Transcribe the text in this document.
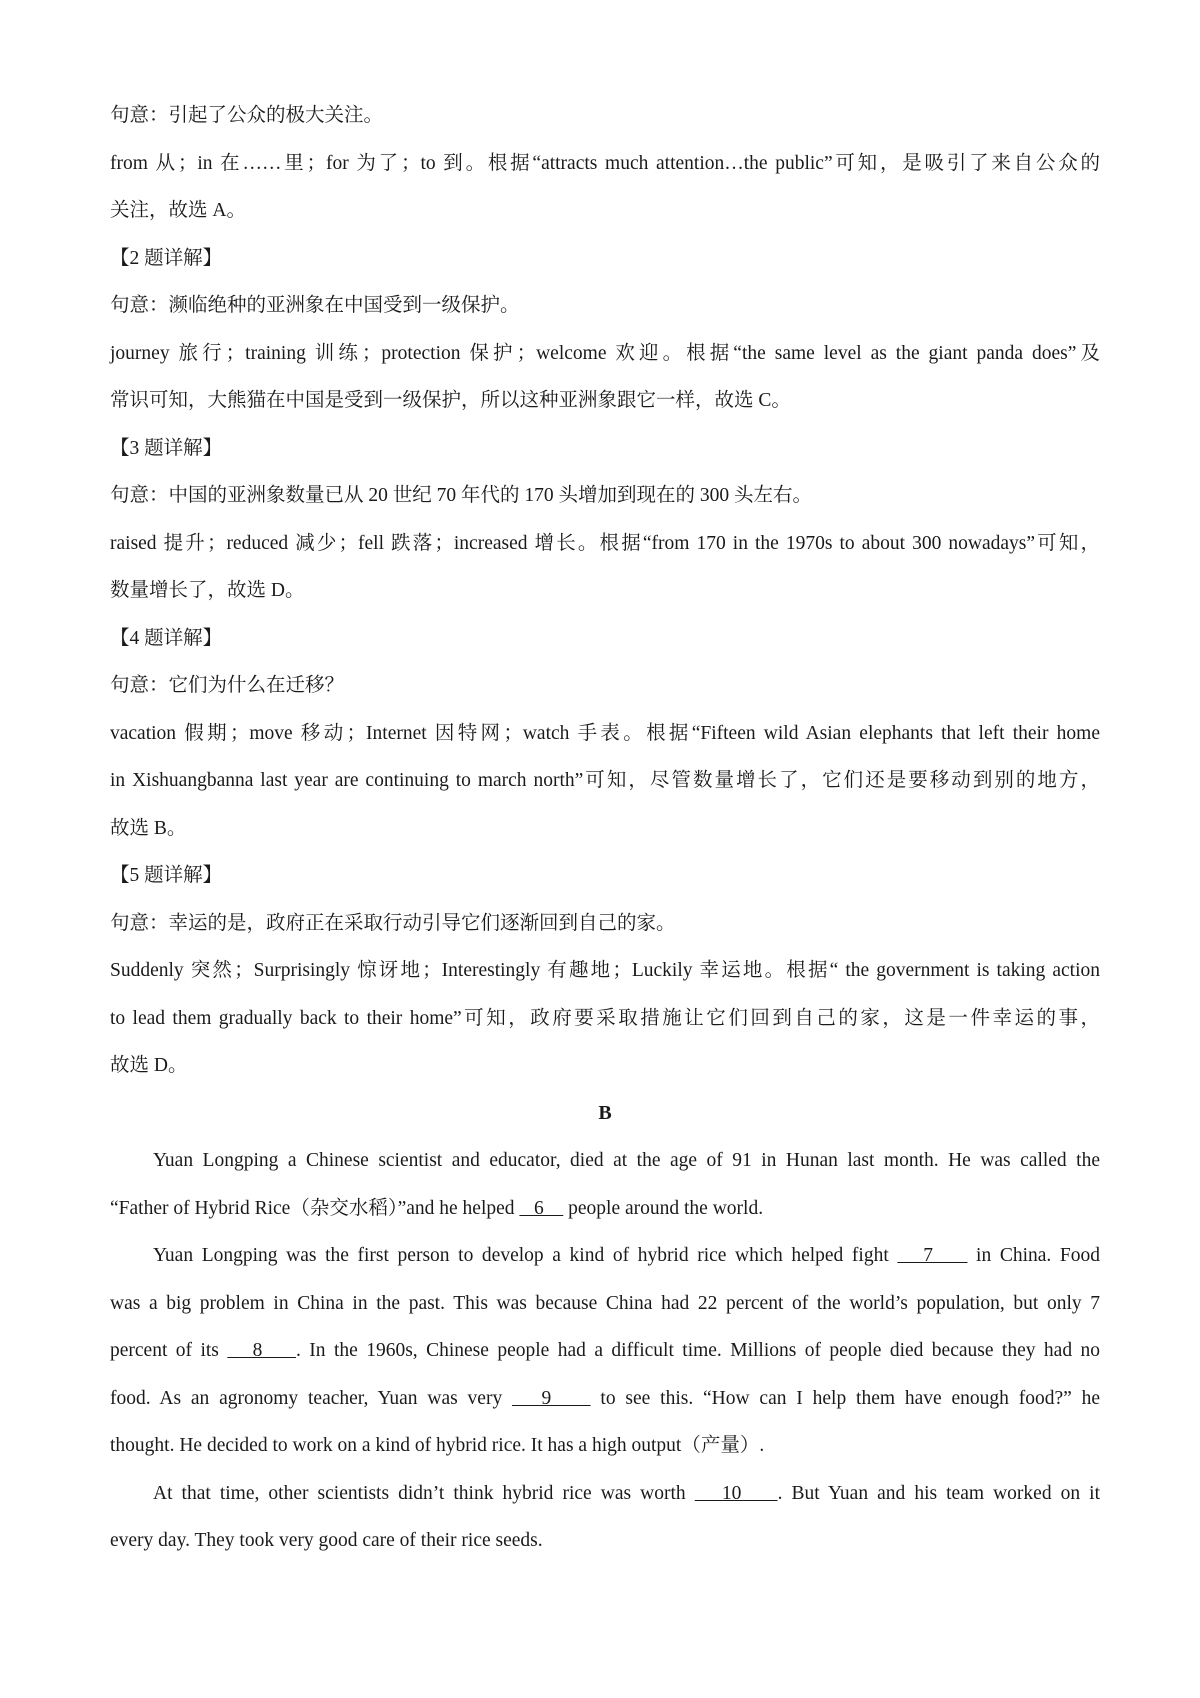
句意：引起了公众的极大关注。
from 从；in 在……里；for 为了；to 到。根据“attracts much attention…the public”可知，是吸引了来自公众的
关注，故选 A。
【2 题详解】
句意：濒临绝种的亚洲象在中国受到一级保护。
journey 旅行；training 训练；protection 保护；welcome 欢迎。根据“the same level as the giant panda does”及
常识可知，大熊猫在中国是受到一级保护，所以这种亚洲象跟它一样，故选 C。
【3 题详解】
句意：中国的亚洲象数量已从 20 世纪 70 年代的 170 头增加到现在的 300 头左右。
raised 提升；reduced 减少；fell 跌落；increased 增长。根据“from 170 in the 1970s to about 300 nowadays”可知，
数量增长了，故选 D。
【4 题详解】
句意：它们为什么在迁移？
vacation 假期；move 移动；Internet 因特网；watch 手表。根据“Fifteen wild Asian elephants that left their home
in Xishuangbanna last year are continuing to march north”可知，尽管数量增长了，它们还是要移动到别的地方，
故选 B。
【5 题详解】
句意：幸运的是，政府正在采取行动引导它们逐渐回到自己的家。
Suddenly 突然；Surprisingly 惊讶地；Interestingly 有趣地；Luckily 幸运地。根据“ the government is taking action
to lead them gradually back to their home”可知，政府要采取措施让它们回到自己的家，这是一件幸运的事，
故选 D。
B
Yuan Longping a Chinese scientist and educator, died at the age of 91 in Hunan last month. He was called the
“Father of Hybrid Rice（杂交水稻）”and he helped    6     people around the world.
Yuan Longping was the first person to develop a kind of hybrid rice which helped fight    7     in China. Food
was a big problem in China in the past. This was because China had 22 percent of the world’s population, but only 7
percent of its    8    . In the 1960s, Chinese people had a difficult time. Millions of people died because they had no
food. As an agronomy teacher, Yuan was very    9     to see this. “How can I help them have enough food?” he
thought. He decided to work on a kind of hybrid rice. It has a high output（产量）.
At that time, other scientists didn’t think hybrid rice was worth    10    . But Yuan and his team worked on it
every day. They took very good care of their rice seeds.
